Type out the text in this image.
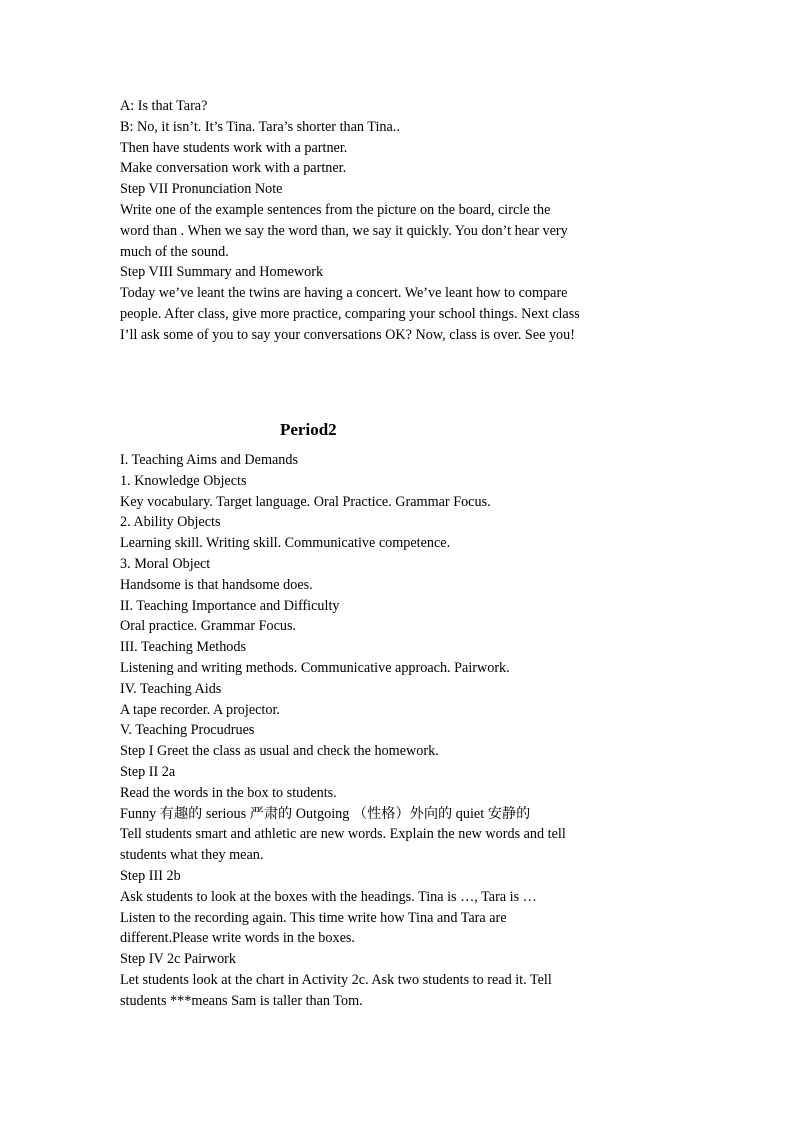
A: Is that Tara?
B: No, it isn’t. It’s Tina. Tara’s shorter than Tina..
Then have students work with a partner.
Make conversation work with a partner.
Step VII Pronunciation Note
Write one of the example sentences from the picture on the board, circle the
word than . When we say the word than, we say it quickly. You don’t hear very
much of the sound.
Step VIII Summary and Homework
Today we’ve leant the twins are having a concert. We’ve leant how to compare
people. After class, give more practice, comparing your school things. Next class
I’ll ask some of you to say your conversations OK? Now, class is over. See you!
Period2
I. Teaching Aims and Demands
1. Knowledge Objects
Key vocabulary. Target language. Oral Practice. Grammar Focus.
2. Ability Objects
Learning skill. Writing skill. Communicative competence.
3. Moral Object
Handsome is that handsome does.
II. Teaching Importance and Difficulty
Oral practice. Grammar Focus.
III. Teaching Methods
Listening and writing methods. Communicative approach. Pairwork.
IV. Teaching Aids
A tape recorder. A projector.
V. Teaching Procudrues
Step I Greet the class as usual and check the homework.
Step II 2a
Read the words in the box to students.
Funny 有趣的 serious 严肃的 Outgoing （性格）外向的 quiet 安静的
Tell students smart and athletic are new words. Explain the new words and tell
students what they mean.
Step III 2b
Ask students to look at the boxes with the headings. Tina is …, Tara is …
Listen to the recording again. This time write how Tina and Tara are
different.Please write words in the boxes.
Step IV 2c Pairwork
Let students look at the chart in Activity 2c. Ask two students to read it. Tell
students ***means Sam is taller than Tom.
